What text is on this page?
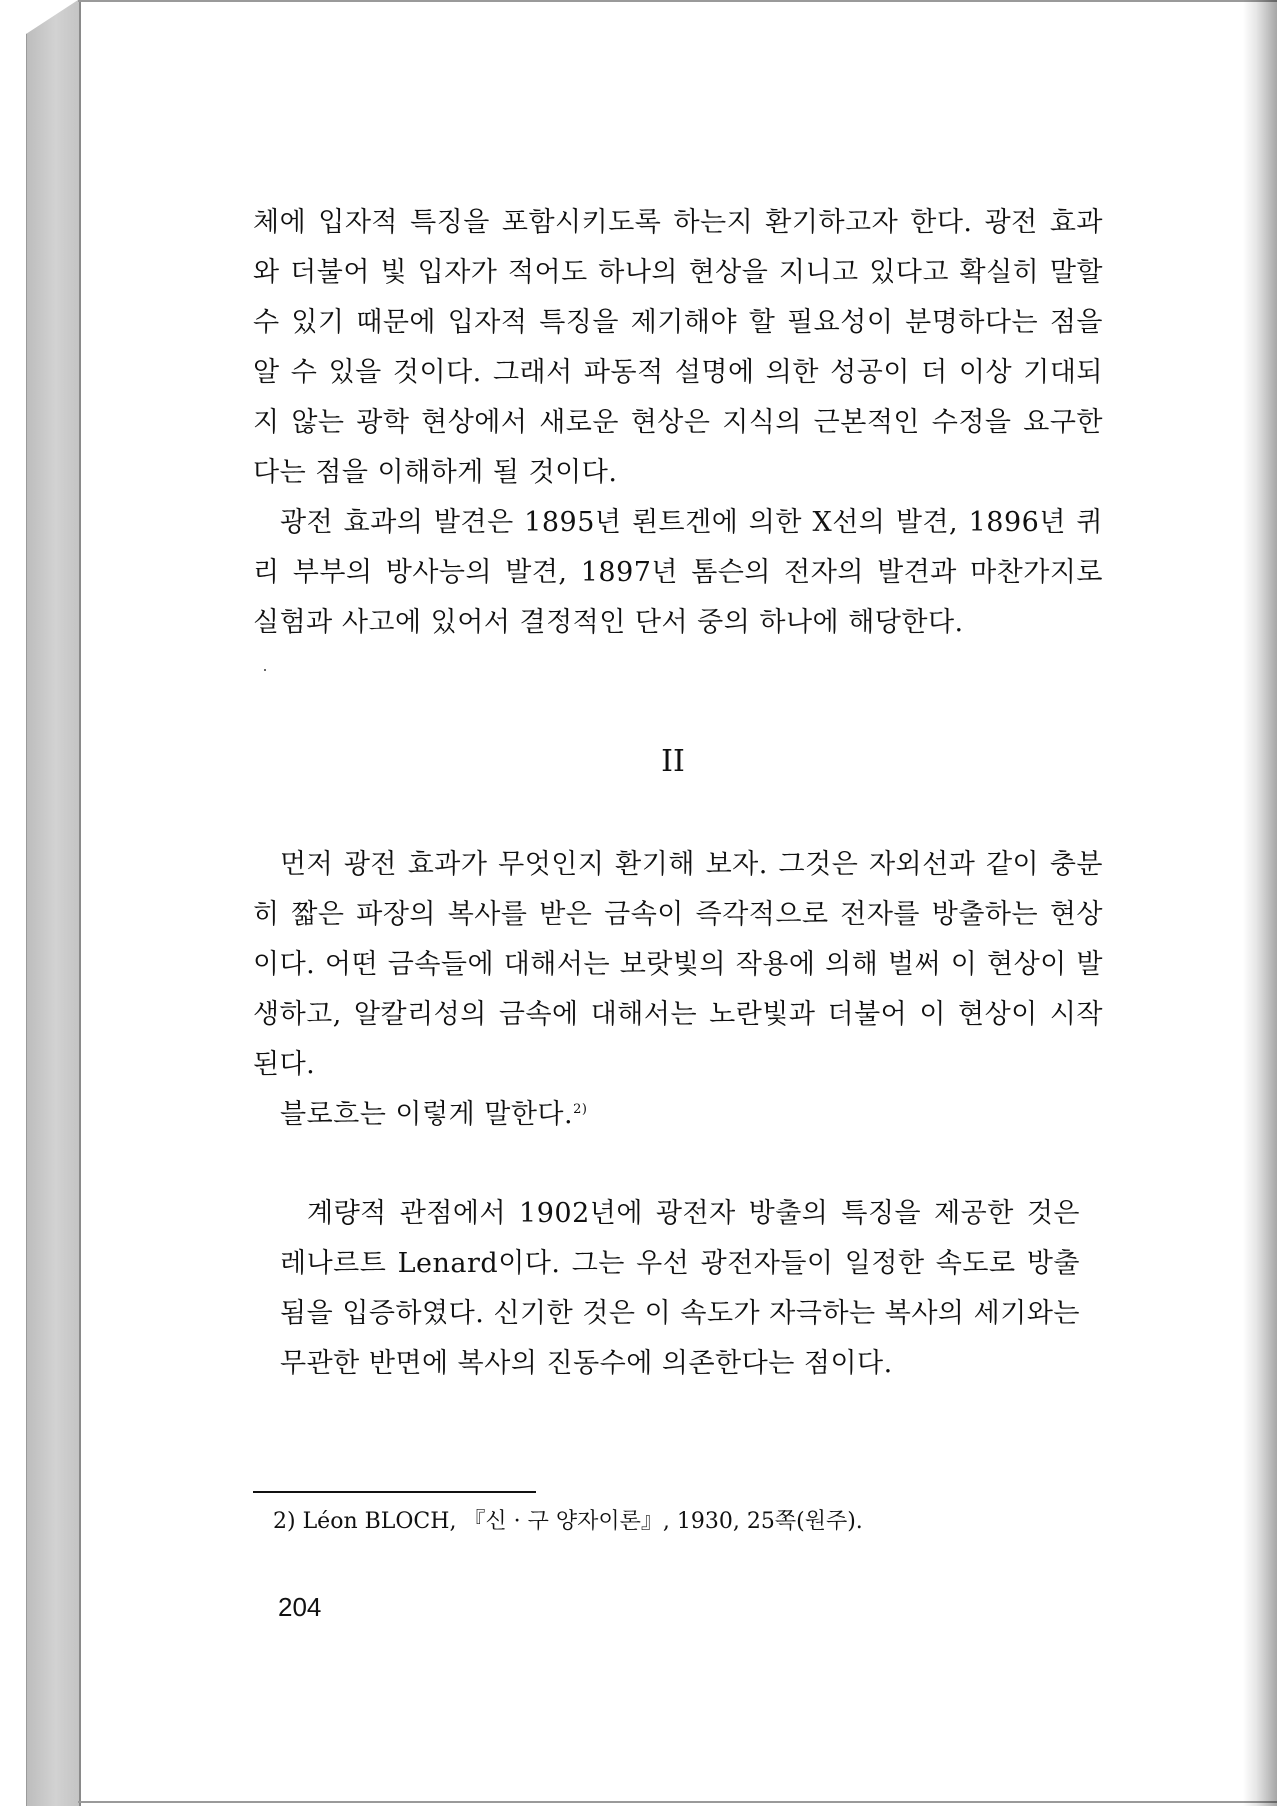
체에 입자적 특징을 포함시키도록 하는지 환기하고자 한다. 광전 효과와 더불어 빛 입자가 적어도 하나의 현상을 지니고 있다고 확실히 말할 수 있기 때문에 입자적 특징을 제기해야 할 필요성이 분명하다는 점을 알 수 있을 것이다. 그래서 파동적 설명에 의한 성공이 더 이상 기대되지 않는 광학 현상에서 새로운 현상은 지식의 근본적인 수정을 요구한다는 점을 이해하게 될 것이다.

광전 효과의 발견은 1895년 뢴트겐에 의한 X선의 발견, 1896년 퀴리 부부의 방사능의 발견, 1897년 톰슨의 전자의 발견과 마찬가지로 실험과 사고에 있어서 결정적인 단서 중의 하나에 해당한다.

II

먼저 광전 효과가 무엇인지 환기해 보자. 그것은 자외선과 같이 충분히 짧은 파장의 복사를 받은 금속이 즉각적으로 전자를 방출하는 현상이다. 어떤 금속들에 대해서는 보랏빛의 작용에 의해 벌써 이 현상이 발생하고, 알칼리성의 금속에 대해서는 노란빛과 더불어 이 현상이 시작된다.

블로흐는 이렇게 말한다.$^{2)}$

계량적 관점에서 1902년에 광전자 방출의 특징을 제공한 것은 레나르트 Lenard이다. 그는 우선 광전자들이 일정한 속도로 방출됨을 입증하였다. 신기한 것은 이 속도가 자극하는 복사의 세기와는 무관한 반면에 복사의 진동수에 의존한다는 점이다.

2) Léon BLOCH, 『신 · 구 양자이론』, 1930, 25쪽(원주).
204
